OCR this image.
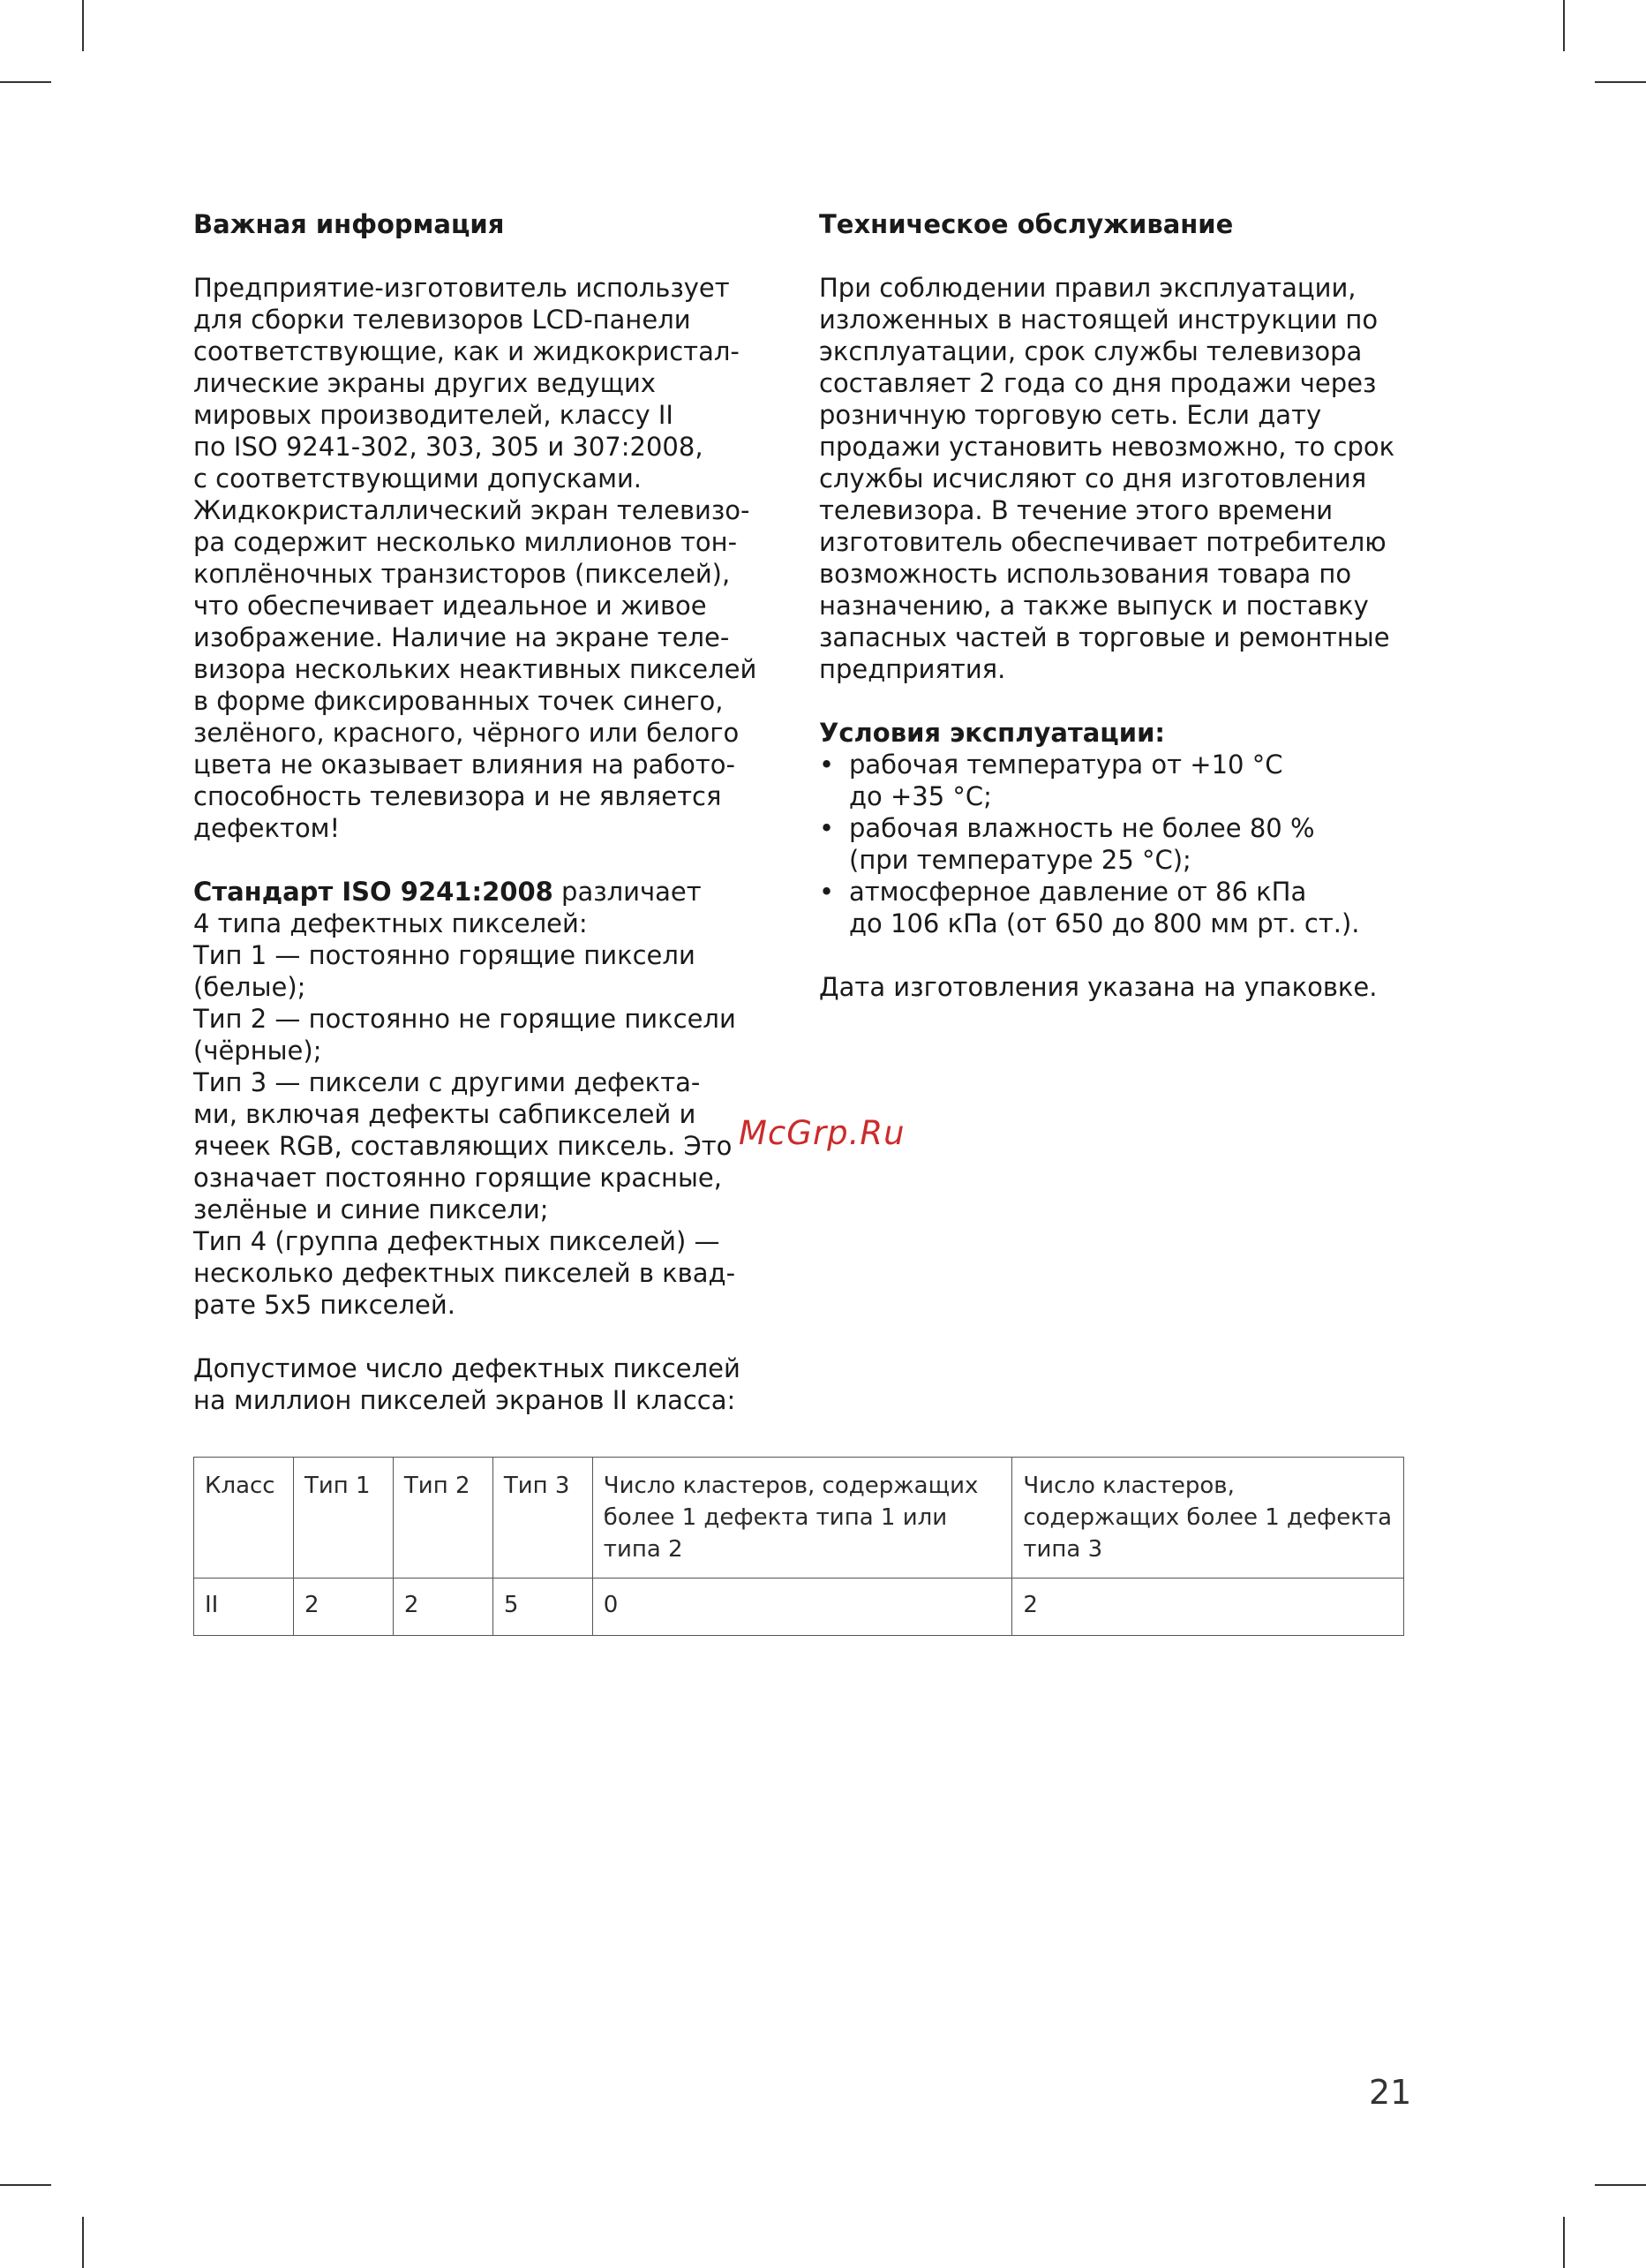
Важная информация

Предприятие-изготовитель использует
для сборки телевизоров LCD-панели
соответствующие, как и жидкокристал-
лические экраны других ведущих
мировых производителей, классу II
по ISO 9241-302, 303, 305 и 307:2008,
с соответствующими допусками.
Жидкокристаллический экран телевизо-
ра содержит несколько миллионов тон-
коплёночных транзисторов (пикселей),
что обеспечивает идеальное и живое
изображение. Наличие на экране теле-
визора нескольких неактивных пикселей
в форме фиксированных точек синего,
зелёного, красного, чёрного или белого
цвета не оказывает влияния на работо-
способность телевизора и не является
дефектом!

Стандарт ISO 9241:2008 различает
4 типа дефектных пикселей:
Тип 1 — постоянно горящие пиксели
(белые);
Тип 2 — постоянно не горящие пиксели
(чёрные);
Тип 3 — пиксели с другими дефекта-
ми, включая дефекты сабпикселей и
ячеек RGB, составляющих пиксель. Это
означает постоянно горящие красные,
зелёные и синие пиксели;
Тип 4 (группа дефектных пикселей) —
несколько дефектных пикселей в квад-
рате 5x5 пикселей.

Допустимое число дефектных пикселей
на миллион пикселей экранов II класса:

Техническое обслуживание

При соблюдении правил эксплуатации,
изложенных в настоящей инструкции по
эксплуатации, срок службы телевизора
составляет 2 года со дня продажи через
розничную торговую сеть. Если дату
продажи установить невозможно, то срок
службы исчисляют со дня изготовления
телевизора. В течение этого времени
изготовитель обеспечивает потребителю
возможность использования товара по
назначению, а также выпуск и поставку
запасных частей в торговые и ремонтные
предприятия.

Условия эксплуатации:
• рабочая температура от +10 °С
до +35 °С;
• рабочая влажность не более 80 %
(при температуре 25 °С);
• атмосферное давление от 86 кПа
до 106 кПа (от 650 до 800 мм рт. ст.).

Дата изготовления указана на упаковке.

McGrp.Ru
Класс	Тип 1	Тип 2	Тип 3	Число кластеров, содержащих более 1 дефекта типа 1 или типа 2	Число кластеров, содержащих более 1 дефекта типа 3
II	2	2	5	0	2
21
